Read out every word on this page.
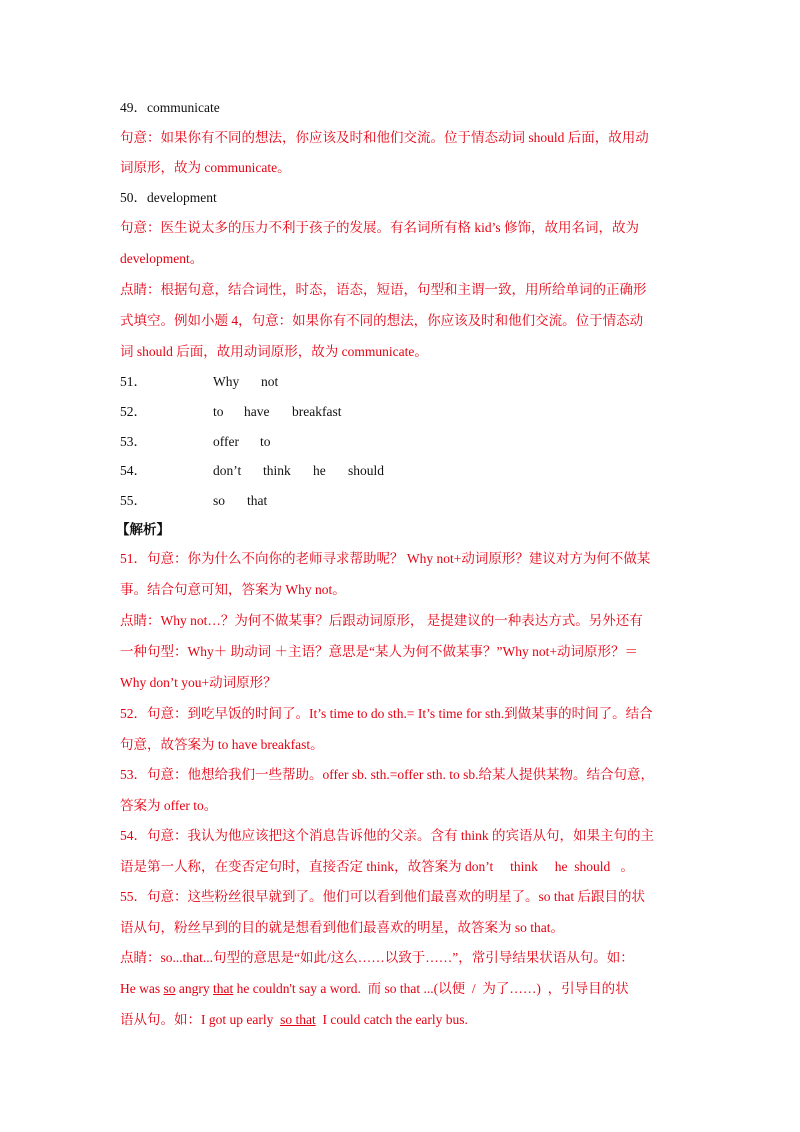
49．communicate
句意：如果你有不同的想法，你应该及时和他们交流。位于情态动词 should 后面，故用动
词原形，故为 communicate。
50．development
句意：医生说太多的压力不利于孩子的发展。有名词所有格 kid’s 修饰，故用名词，故为
development。
点睛：根据句意，结合词性，时态，语态，短语，句型和主谓一致，用所给单词的正确形
式填空。例如小题 4，句意：如果你有不同的想法，你应该及时和他们交流。位于情态动
词 should 后面，故用动词原形，故为 communicate。
51．	Why not
52．	to have breakfast
53．	offer to
54．	don’t think he should
55．	so that
【解析】
51．句意：你为什么不向你的老师寻求帮助呢？ Why not+动词原形？建议对方为何不做某
事。结合句意可知，答案为 Why not。
点睛：Why not…？为何不做某事？后跟动词原形， 是提建议的一种表达方式。另外还有
一种句型：Why＋ 助动词 ＋主语？意思是“某人为何不做某事？”Why not+动词原形？＝
Why don’t you+动词原形？
52．句意：到吃早饭的时间了。It’s time to do sth.= It’s time for sth.到做某事的时间了。结合
句意，故答案为 to have breakfast。
53．句意：他想给我们一些帮助。offer sb. sth.=offer sth. to sb.给某人提供某物。结合句意，
答案为 offer to。
54．句意：我认为他应该把这个消息告诉他的父亲。含有 think 的宾语从句，如果主句的主
语是第一人称，在变否定句时，直接否定 think，故答案为 don’t     think     he  should   。
55．句意：这些粉丝很早就到了。他们可以看到他们最喜欢的明星了。so that 后跟目的状
语从句，粉丝早到的目的就是想看到他们最喜欢的明星，故答案为 so that。
点睛：so...that...句型的意思是“如此/这么……以致于……”，常引导结果状语从句。如：
He was so angry that he couldn't say a word.  而 so that ...(以便  /  为了……)  ，引导目的状
语从句。如：I got up early  so that  I could catch the early bus.
